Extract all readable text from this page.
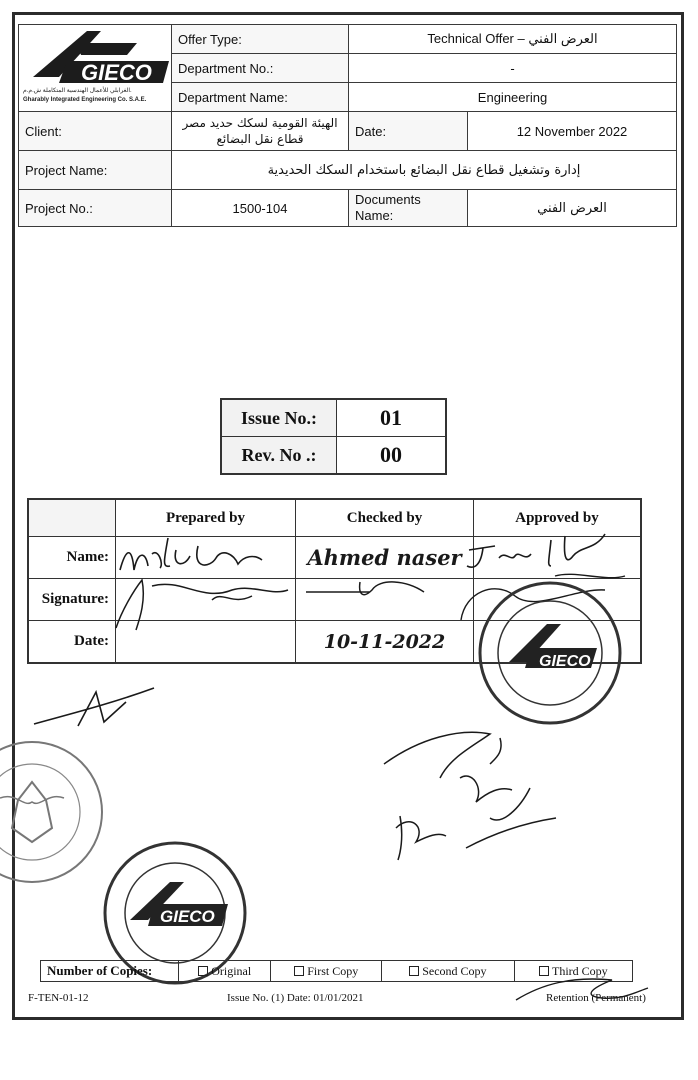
GIECO
الغرابلي للأعمال الهندسية المتكاملة ش.م.م.
Gharably Integrated Engineering Co. S.A.E.	Offer Type:	Technical Offer – العرض الفني	
	Department No.:	-	
	Department Name:	Engineering	
Client:	الهيئة القومية لسكك حديد مصر
قطاع نقل البضائع	Date:	12 November 2022
Project Name:	إدارة وتشغيل قطاع نقل البضائع باستخدام السكك الحديدية		
Project No.:	1500-104	Documents Name:	العرض الفني
Issue No.:	01
Rev. No .:	00
	Prepared by	Checked by	Approved by
Name:		Ahmed naser	
Signature:			
Date:		10-11-2022	
GIECO
GIECO
Number of Copies:	Original	First Copy	Second Copy	Third Copy
F-TEN-01-12	Issue No. (1) Date: 01/01/2021	Retention (Permanent)
